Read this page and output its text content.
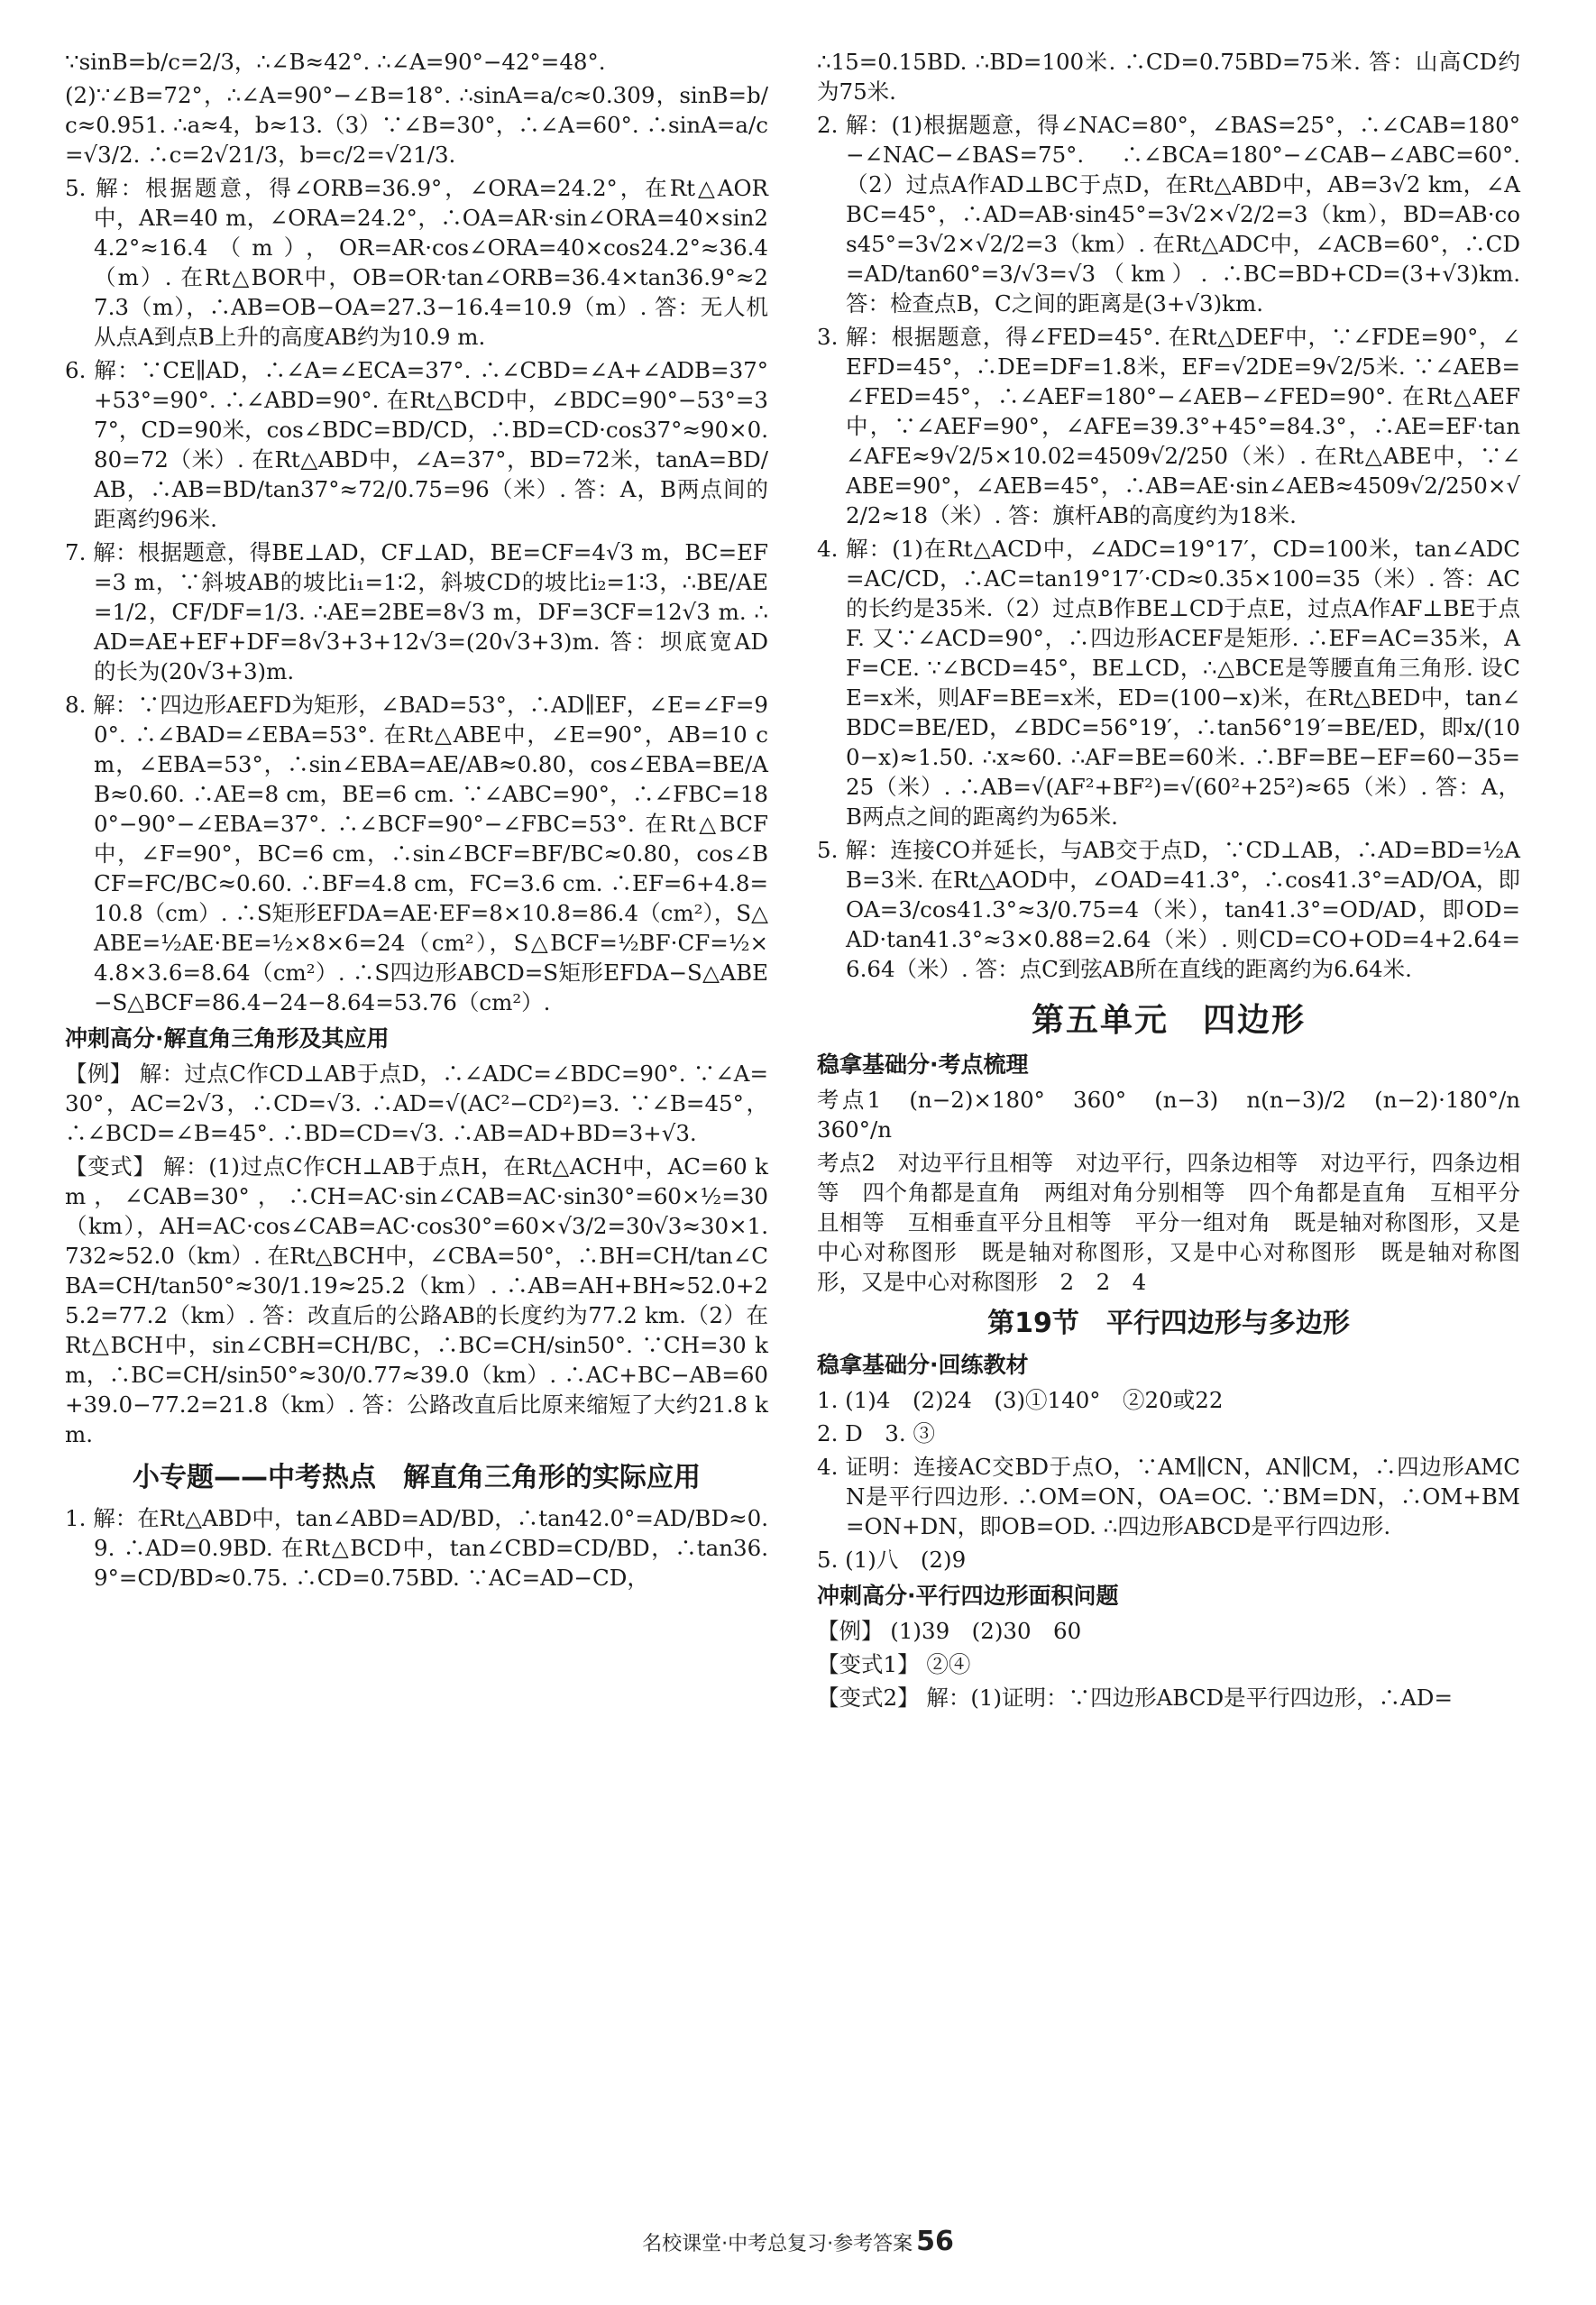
∵sinB=b/c=2/3，∴∠B≈42°. ∴∠A=90°−42°=48°.

(2)∵∠B=72°，∴∠A=90°−∠B=18°. ∴sinA=a/c≈0.309，sinB=b/c≈0.951. ∴a≈4，b≈13.（3）∵∠B=30°，∴∠A=60°. ∴sinA=a/c=√3/2. ∴c=2√21/3，b=c/2=√21/3.

5. 解：根据题意，得∠ORB=36.9°，∠ORA=24.2°，在Rt△AOR中，AR=40 m，∠ORA=24.2°，∴OA=AR·sin∠ORA=40×sin24.2°≈16.4（m），OR=AR·cos∠ORA=40×cos24.2°≈36.4（m）. 在Rt△BOR中，OB=OR·tan∠ORB=36.4×tan36.9°≈27.3（m），∴AB=OB−OA=27.3−16.4=10.9（m）. 答：无人机从点A到点B上升的高度AB约为10.9 m.

6. 解：∵CE∥AD，∴∠A=∠ECA=37°. ∴∠CBD=∠A+∠ADB=37°+53°=90°. ∴∠ABD=90°. 在Rt△BCD中，∠BDC=90°−53°=37°，CD=90米，cos∠BDC=BD/CD，∴BD=CD·cos37°≈90×0.80=72（米）. 在Rt△ABD中，∠A=37°，BD=72米，tanA=BD/AB，∴AB=BD/tan37°≈72/0.75=96（米）. 答：A，B两点间的距离约96米.

7. 解：根据题意，得BE⊥AD，CF⊥AD，BE=CF=4√3 m，BC=EF=3 m，∵斜坡AB的坡比i₁=1∶2，斜坡CD的坡比i₂=1∶3，∴BE/AE=1/2，CF/DF=1/3. ∴AE=2BE=8√3 m，DF=3CF=12√3 m. ∴AD=AE+EF+DF=8√3+3+12√3=(20√3+3)m. 答：坝底宽AD的长为(20√3+3)m.

8. 解：∵四边形AEFD为矩形，∠BAD=53°，∴AD∥EF，∠E=∠F=90°. ∴∠BAD=∠EBA=53°. 在Rt△ABE中，∠E=90°，AB=10 cm，∠EBA=53°，∴sin∠EBA=AE/AB≈0.80，cos∠EBA=BE/AB≈0.60. ∴AE=8 cm，BE=6 cm. ∵∠ABC=90°，∴∠FBC=180°−90°−∠EBA=37°. ∴∠BCF=90°−∠FBC=53°. 在Rt△BCF中，∠F=90°，BC=6 cm，∴sin∠BCF=BF/BC≈0.80，cos∠BCF=FC/BC≈0.60. ∴BF=4.8 cm，FC=3.6 cm. ∴EF=6+4.8=10.8（cm）. ∴S矩形EFDA=AE·EF=8×10.8=86.4（cm²），S△ABE=½AE·BE=½×8×6=24（cm²），S△BCF=½BF·CF=½×4.8×3.6=8.64（cm²）. ∴S四边形ABCD=S矩形EFDA−S△ABE−S△BCF=86.4−24−8.64=53.76（cm²）.

冲刺高分·解直角三角形及其应用

【例】 解：过点C作CD⊥AB于点D，∴∠ADC=∠BDC=90°. ∵∠A=30°，AC=2√3，∴CD=√3. ∴AD=√(AC²−CD²)=3. ∵∠B=45°，∴∠BCD=∠B=45°. ∴BD=CD=√3. ∴AB=AD+BD=3+√3.

【变式】 解：(1)过点C作CH⊥AB于点H，在Rt△ACH中，AC=60 km，∠CAB=30°，∴CH=AC·sin∠CAB=AC·sin30°=60×½=30（km），AH=AC·cos∠CAB=AC·cos30°=60×√3/2=30√3≈30×1.732≈52.0（km）. 在Rt△BCH中，∠CBA=50°，∴BH=CH/tan∠CBA=CH/tan50°≈30/1.19≈25.2（km）. ∴AB=AH+BH≈52.0+25.2=77.2（km）. 答：改直后的公路AB的长度约为77.2 km.（2）在Rt△BCH中，sin∠CBH=CH/BC，∴BC=CH/sin50°. ∵CH=30 km，∴BC=CH/sin50°≈30/0.77≈39.0（km）. ∴AC+BC−AB=60+39.0−77.2=21.8（km）. 答：公路改直后比原来缩短了大约21.8 km.

小专题——中考热点　解直角三角形的实际应用

1. 解：在Rt△ABD中，tan∠ABD=AD/BD，∴tan42.0°=AD/BD≈0.9. ∴AD=0.9BD. 在Rt△BCD中，tan∠CBD=CD/BD，∴tan36.9°=CD/BD≈0.75. ∴CD=0.75BD. ∵AC=AD−CD，

∴15=0.15BD. ∴BD=100米. ∴CD=0.75BD=75米. 答：山高CD约为75米.

2. 解：(1)根据题意，得∠NAC=80°，∠BAS=25°，∴∠CAB=180°−∠NAC−∠BAS=75°. ∴∠BCA=180°−∠CAB−∠ABC=60°.（2）过点A作AD⊥BC于点D，在Rt△ABD中，AB=3√2 km，∠ABC=45°，∴AD=AB·sin45°=3√2×√2/2=3（km），BD=AB·cos45°=3√2×√2/2=3（km）. 在Rt△ADC中，∠ACB=60°，∴CD=AD/tan60°=3/√3=√3（km）. ∴BC=BD+CD=(3+√3)km. 答：检查点B，C之间的距离是(3+√3)km.

3. 解：根据题意，得∠FED=45°. 在Rt△DEF中，∵∠FDE=90°，∠EFD=45°，∴DE=DF=1.8米，EF=√2DE=9√2/5米. ∵∠AEB=∠FED=45°，∴∠AEF=180°−∠AEB−∠FED=90°. 在Rt△AEF中，∵∠AEF=90°，∠AFE=39.3°+45°=84.3°，∴AE=EF·tan∠AFE≈9√2/5×10.02=4509√2/250（米）. 在Rt△ABE中，∵∠ABE=90°，∠AEB=45°，∴AB=AE·sin∠AEB≈4509√2/250×√2/2≈18（米）. 答：旗杆AB的高度约为18米.

4. 解：(1)在Rt△ACD中，∠ADC=19°17′，CD=100米，tan∠ADC=AC/CD，∴AC=tan19°17′·CD≈0.35×100=35（米）. 答：AC的长约是35米.（2）过点B作BE⊥CD于点E，过点A作AF⊥BE于点F. 又∵∠ACD=90°，∴四边形ACEF是矩形. ∴EF=AC=35米，AF=CE. ∵∠BCD=45°，BE⊥CD，∴△BCE是等腰直角三角形. 设CE=x米，则AF=BE=x米，ED=(100−x)米，在Rt△BED中，tan∠BDC=BE/ED，∠BDC=56°19′，∴tan56°19′=BE/ED，即x/(100−x)≈1.50. ∴x≈60. ∴AF=BE=60米. ∴BF=BE−EF=60−35=25（米）. ∴AB=√(AF²+BF²)=√(60²+25²)≈65（米）. 答：A，B两点之间的距离约为65米.

5. 解：连接CO并延长，与AB交于点D，∵CD⊥AB，∴AD=BD=½AB=3米. 在Rt△AOD中，∠OAD=41.3°，∴cos41.3°=AD/OA，即OA=3/cos41.3°≈3/0.75=4（米），tan41.3°=OD/AD，即OD=AD·tan41.3°≈3×0.88=2.64（米）. 则CD=CO+OD=4+2.64=6.64（米）. 答：点C到弦AB所在直线的距离约为6.64米.

第五单元　四边形
稳拿基础分·考点梳理

考点1　(n−2)×180°　360°　(n−3)　n(n−3)/2　(n−2)·180°/n　360°/n

考点2　对边平行且相等　对边平行，四条边相等　对边平行，四条边相等　四个角都是直角　两组对角分别相等　四个角都是直角　互相平分且相等　互相垂直平分且相等　平分一组对角　既是轴对称图形，又是中心对称图形　既是轴对称图形，又是中心对称图形　既是轴对称图形，又是中心对称图形　2　2　4

第19节　平行四边形与多边形
稳拿基础分·回练教材

1. (1)4　(2)24　(3)①140°　②20或22

2. D　3. ③

4. 证明：连接AC交BD于点O，∵AM∥CN，AN∥CM，∴四边形AMCN是平行四边形. ∴OM=ON，OA=OC. ∵BM=DN，∴OM+BM=ON+DN，即OB=OD. ∴四边形ABCD是平行四边形.

5. (1)八　(2)9

冲刺高分·平行四边形面积问题

【例】 (1)39　(2)30　60

【变式1】 ②④

【变式2】 解：(1)证明：∵四边形ABCD是平行四边形，∴AD=

名校课堂·中考总复习·参考答案 56
